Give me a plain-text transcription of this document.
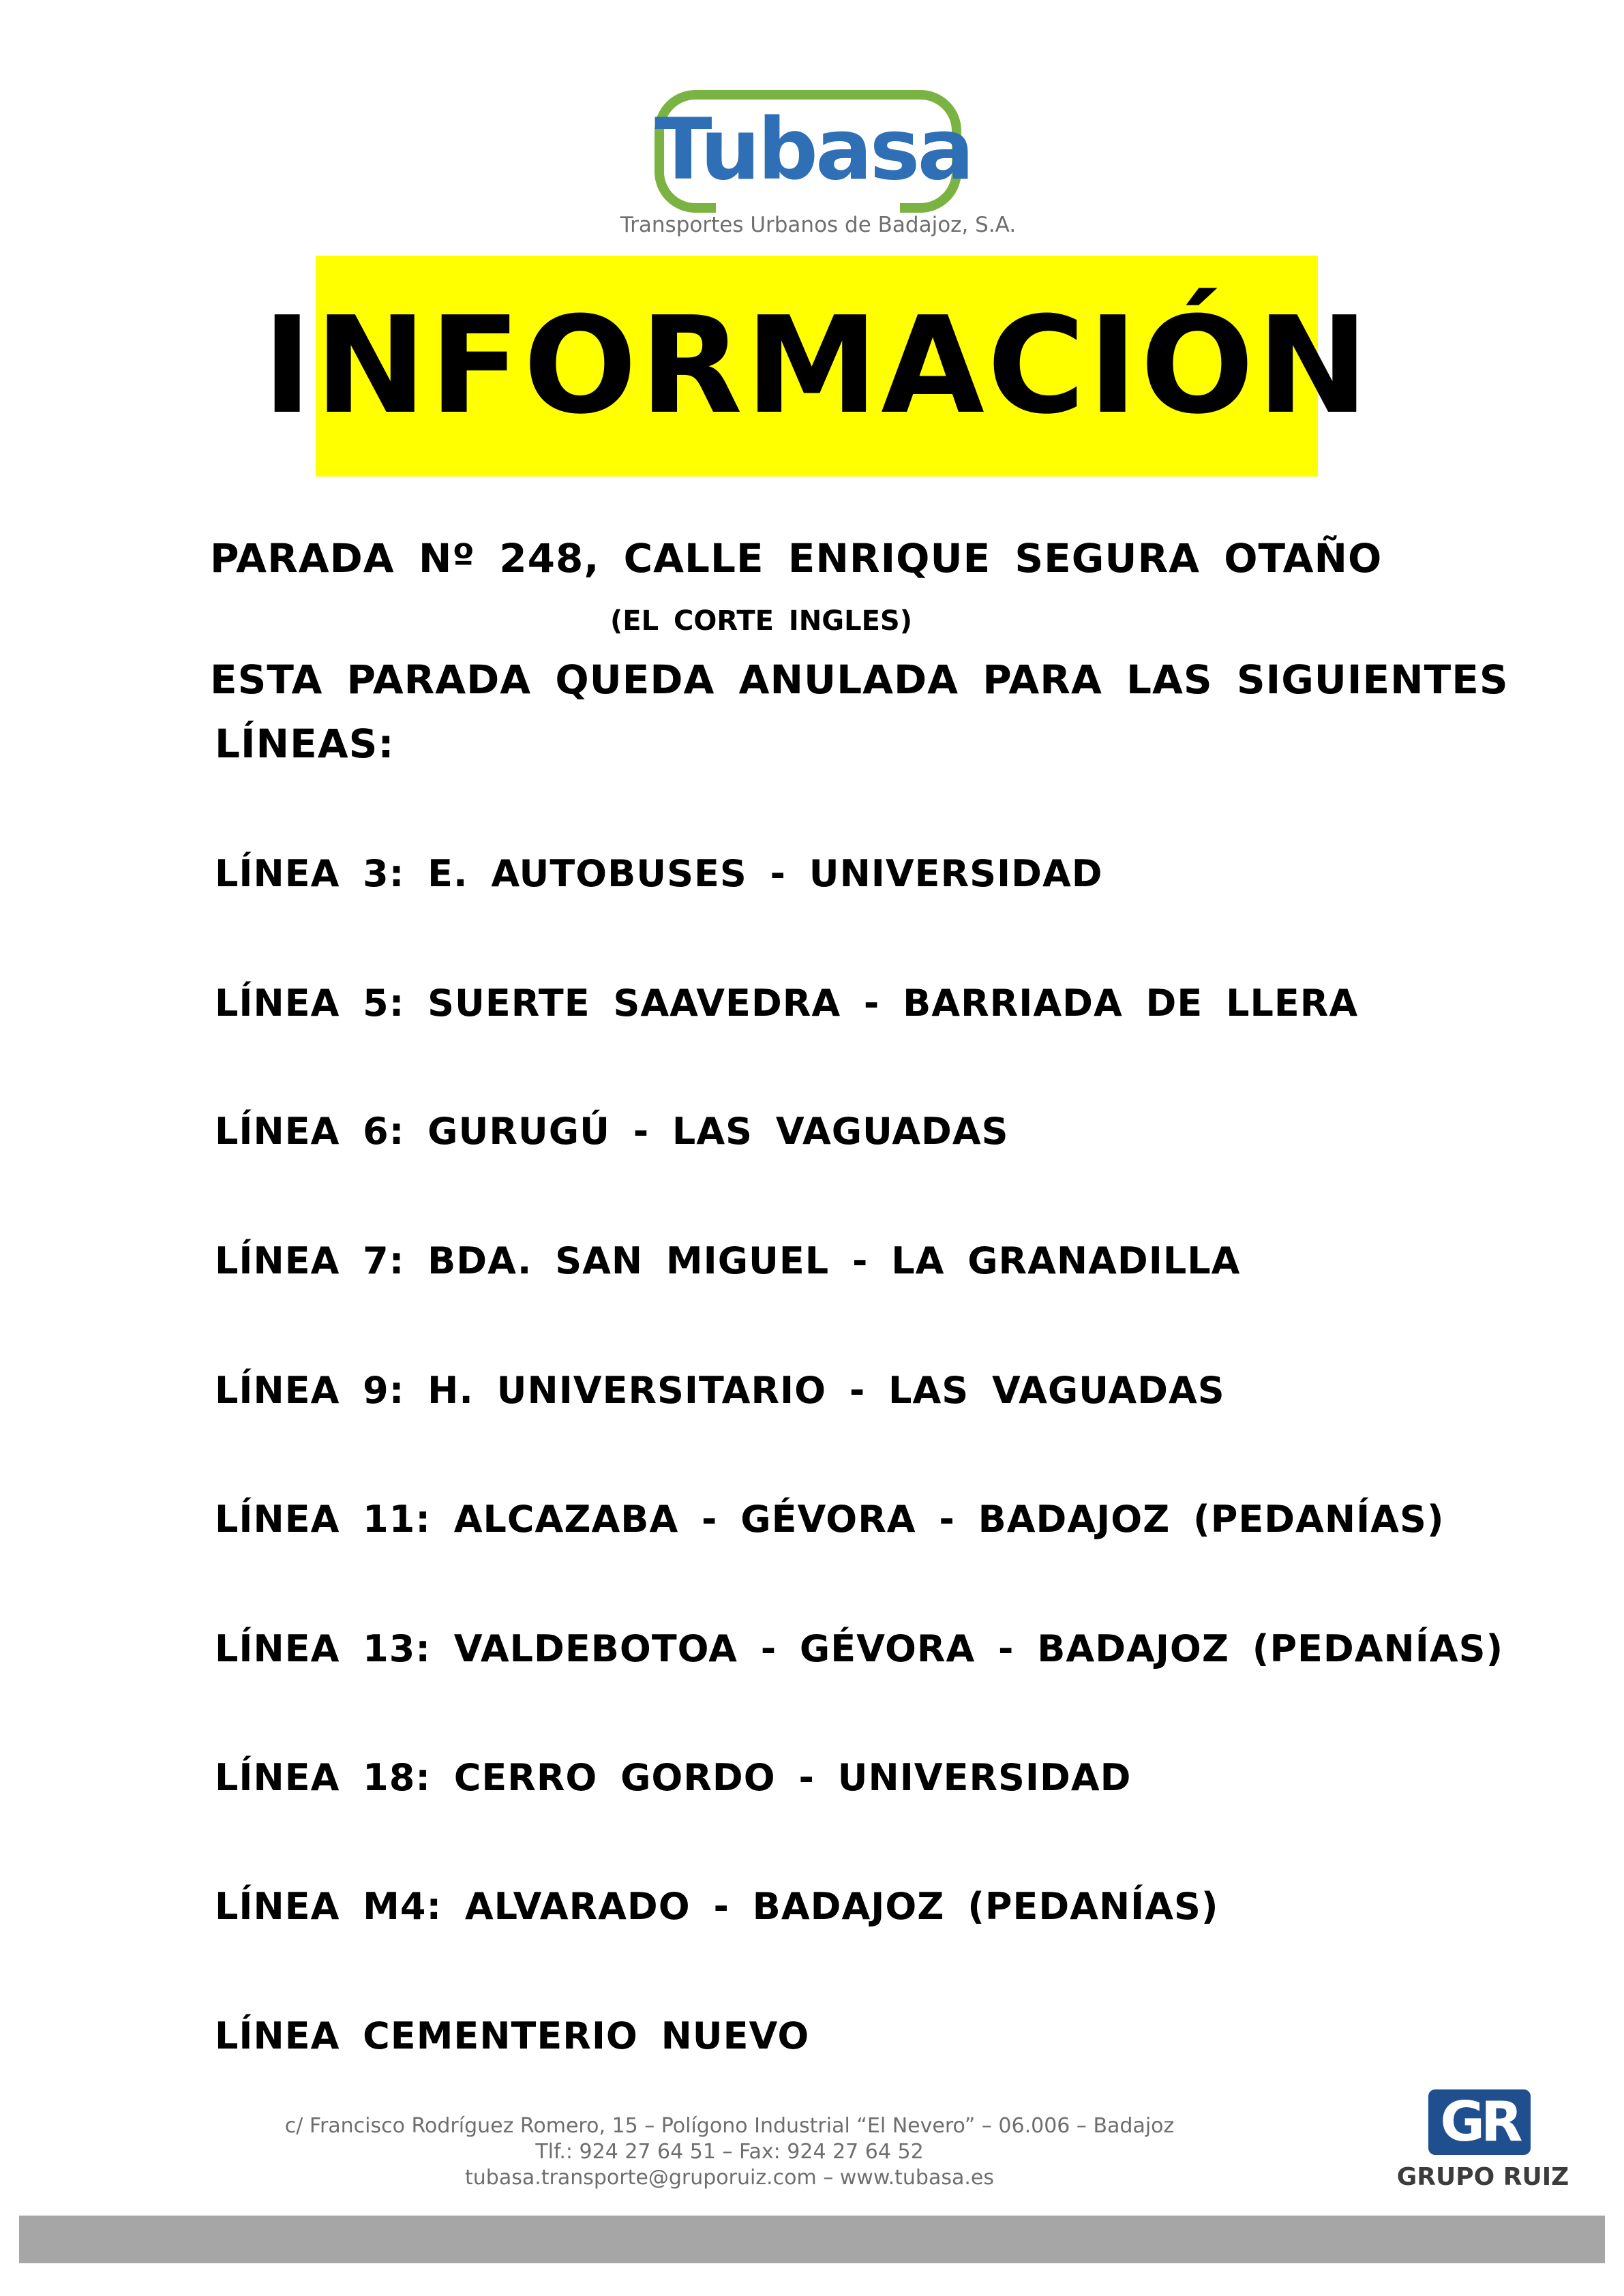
Tubasa
Transportes Urbanos de Badajoz, S.A.
INFORMACIÓN
PARADA Nº 248, CALLE ENRIQUE SEGURA OTAÑO
(EL CORTE INGLES)
ESTA PARADA QUEDA ANULADA PARA LAS SIGUIENTES
LÍNEAS:
LÍNEA 3: E. AUTOBUSES - UNIVERSIDAD
LÍNEA 5: SUERTE SAAVEDRA - BARRIADA DE LLERA
LÍNEA 6: GURUGÚ - LAS VAGUADAS
LÍNEA 7: BDA. SAN MIGUEL - LA GRANADILLA
LÍNEA 9: H. UNIVERSITARIO - LAS VAGUADAS
LÍNEA 11: ALCAZABA - GÉVORA - BADAJOZ (PEDANÍAS)
LÍNEA 13: VALDEBOTOA - GÉVORA - BADAJOZ (PEDANÍAS)
LÍNEA 18: CERRO GORDO - UNIVERSIDAD
LÍNEA M4: ALVARADO - BADAJOZ (PEDANÍAS)
LÍNEA CEMENTERIO NUEVO
c/ Francisco Rodríguez Romero, 15 – Polígono Industrial “El Nevero” – 06.006 – Badajoz
Tlf.: 924 27 64 51 – Fax: 924 27 64 52
tubasa.transporte@gruporuiz.com – www.tubasa.es
GR
GRUPO RUIZ
